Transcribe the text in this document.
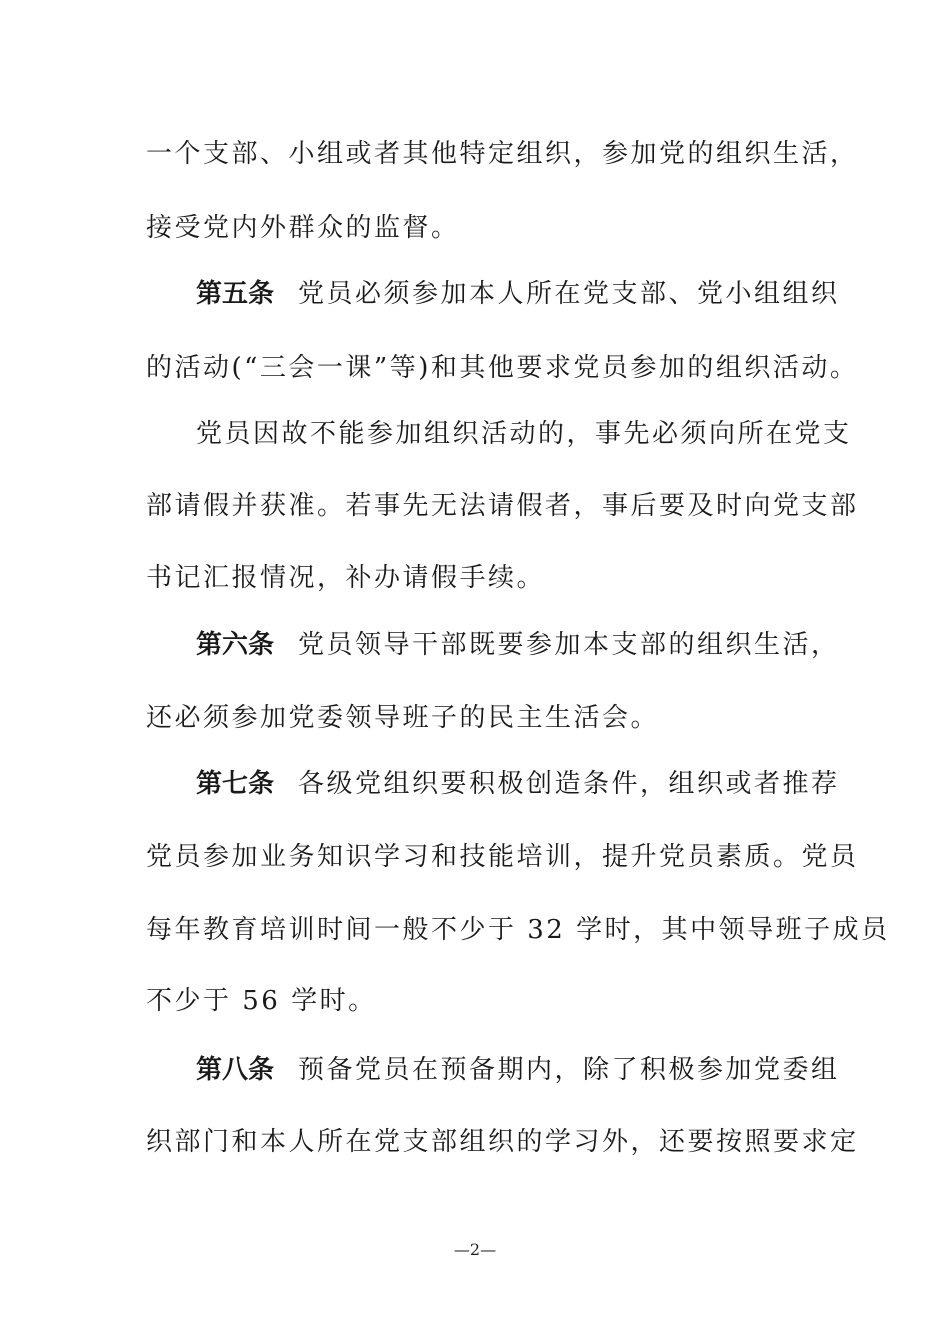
一个支部、小组或者其他特定组织，参加党的组织生活，
接受党内外群众的监督。
第五条 党员必须参加本人所在党支部、党小组组织
的活动(“三会一课”等)和其他要求党员参加的组织活动。
党员因故不能参加组织活动的，事先必须向所在党支
部请假并获准。若事先无法请假者，事后要及时向党支部
书记汇报情况，补办请假手续。
第六条 党员领导干部既要参加本支部的组织生活，
还必须参加党委领导班子的民主生活会。
第七条 各级党组织要积极创造条件，组织或者推荐
党员参加业务知识学习和技能培训，提升党员素质。党员
每年教育培训时间一般不少于 32 学时，其中领导班子成员
不少于 56 学时。
第八条 预备党员在预备期内，除了积极参加党委组
织部门和本人所在党支部组织的学习外，还要按照要求定
—2—
